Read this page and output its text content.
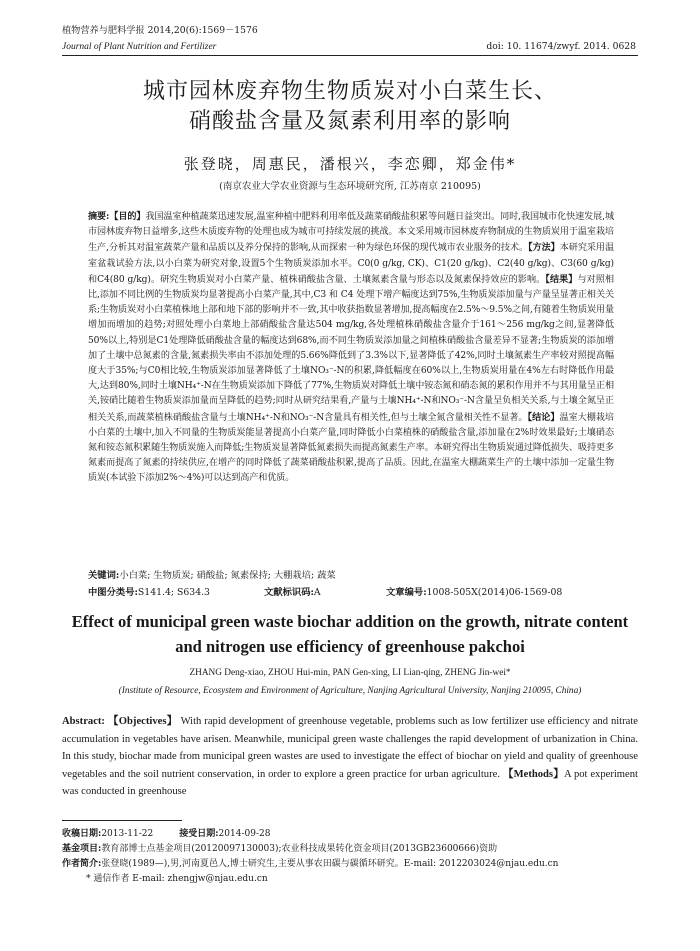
植物营养与肥料学报 2014,20(6):1569－1576
Journal of Plant Nutrition and Fertilizer	doi: 10. 11674/zwyf. 2014. 0628
城市园林废弃物生物质炭对小白菜生长、
硝酸盐含量及氮素利用率的影响
张登晓，周惠民，潘根兴，李恋卿，郑金伟*
(南京农业大学农业资源与生态环境研究所, 江苏南京 210095)
摘要:【目的】我国温室种植蔬菜迅速发展,温室种植中肥料利用率低及蔬菜硝酸盐积累等问题日益突出。同时,我国城市化快速发展,城市园林废弃物日益增多,这些木质废弃物的处理也成为城市可持续发展的挑战。本文采用城市园林废弃物制成的生物质炭用于温室栽培生产,分析其对温室蔬菜产量和品质以及养分保持的影响,从而探索一种为绿色环保的现代城市农业服务的技术。【方法】本研究采用温室盆栽试验方法,以小白菜为研究对象,设置5个生物质炭添加水平。C0(0 g/kg, CK)、C1(20 g/kg)、C2(40 g/kg)、C3(60 g/kg)和C4(80 g/kg)。研究生物质炭对小白菜产量、植株硝酸盐含量、土壤氮素含量与形态以及氮素保持效应的影响。【结果】与对照相比,添加不同比例的生物质炭均显著提高小白菜产量,其中,C3 和 C4 处理下增产幅度达到75%,生物质炭添加量与产量呈显著正相关关系;生物质炭对小白菜植株地上部和地下部的影响并不一致,其中收获指数显著增加,提高幅度在2.5%～9.5%之间,有随着生物质炭用量增加而增加的趋势;对照处理小白菜地上部硝酸盐含量达504 mg/kg,各处理植株硝酸盐含量介于161～256 mg/kg之间,显著降低50%以上,特别是C1处理降低硝酸盐含量的幅度达到68%,而不同生物质炭添加量之间植株硝酸盐含量差异不显著;生物质炭的添加增加了土壤中总氮素的含量,氮素损失率由不添加处理的5.66%降低到了3.3%以下,显著降低了42%,同时土壤氮素生产率较对照提高幅度大于35%;与C0相比较,生物质炭添加显著降低了土壤NO₃⁻-N的积累,降低幅度在60%以上,生物质炭用量在4%左右时降低作用最大,达到80%,同时土壤NH₄⁺-N在生物质炭添加下降低了77%,生物质炭对降低土壤中铵态氮和硝态氮的累积作用并不与其用量呈正相关,铵硝比随着生物质炭添加量而呈降低的趋势;同时从研究结果看,产量与土壤NH₄⁺-N和NO₃⁻-N含量呈负相关关系,与土壤全氮呈正相关关系,而蔬菜植株硝酸盐含量与土壤NH₄⁺-N和NO₃⁻-N含量具有相关性,但与土壤全氮含量相关性不显著。【结论】温室大棚栽培小白菜的土壤中,加入不同量的生物质炭能显著提高小白菜产量,同时降低小白菜植株的硝酸盐含量,添加量在2%时效果最好;土壤硝态氮和铵态氮积累随生物质炭施入而降低;生物质炭显著降低氮素损失而提高氮素生产率。本研究得出生物质炭通过降低损失、吸持更多氮素而提高了氮素的持续供应,在增产的同时降低了蔬菜硝酸盐积累,提高了品质。因此,在温室大棚蔬菜生产的土壤中添加一定量生物质炭(本试验下添加2%～4%)可以达到高产和优质。
Effect of municipal green waste biochar addition on the growth, nitrate content
and nitrogen use efficiency of greenhouse pakchoi
关键词:小白菜; 生物质炭; 硝酸盐; 氮素保持; 大棚栽培; 蔬菜
中图分类号:S141.4; S634.3	文献标识码:A	文章编号:1008-505X(2014)06-1569-08
ZHANG Deng-xiao, ZHOU Hui-min, PAN Gen-xing, LI Lian-qing, ZHENG Jin-wei*
(Institute of Resource, Ecosystem and Environment of Agriculture, Nanjing Agricultural University, Nanjing 210095, China)
Abstract: 【Objectives】 With rapid development of greenhouse vegetable, problems such as low fertilizer use efficiency and nitrate accumulation in vegetables have arisen. Meanwhile, municipal green waste challenges the rapid development of urbanization in China. In this study, biochar made from municipal green wastes are used to investigate the effect of biochar on yield and quality of greenhouse vegetables and the soil nutrient conservation, in order to explore a green practice for urban agriculture. 【Methods】A pot experiment was conducted in greenhouse
收稿日期:2013-11-22	接受日期:2014-09-28
基金项目:教育部博士点基金项目(20120097130003);农业科技成果转化资金项目(2013GB23600666)资助
作者简介:张登晓(1989—),男,河南夏邑人,博士研究生,主要从事农田碳与碳循环研究。E-mail: 2012203024@njau.edu.cn
* 通信作者 E-mail: zhengjw@njau.edu.cn
